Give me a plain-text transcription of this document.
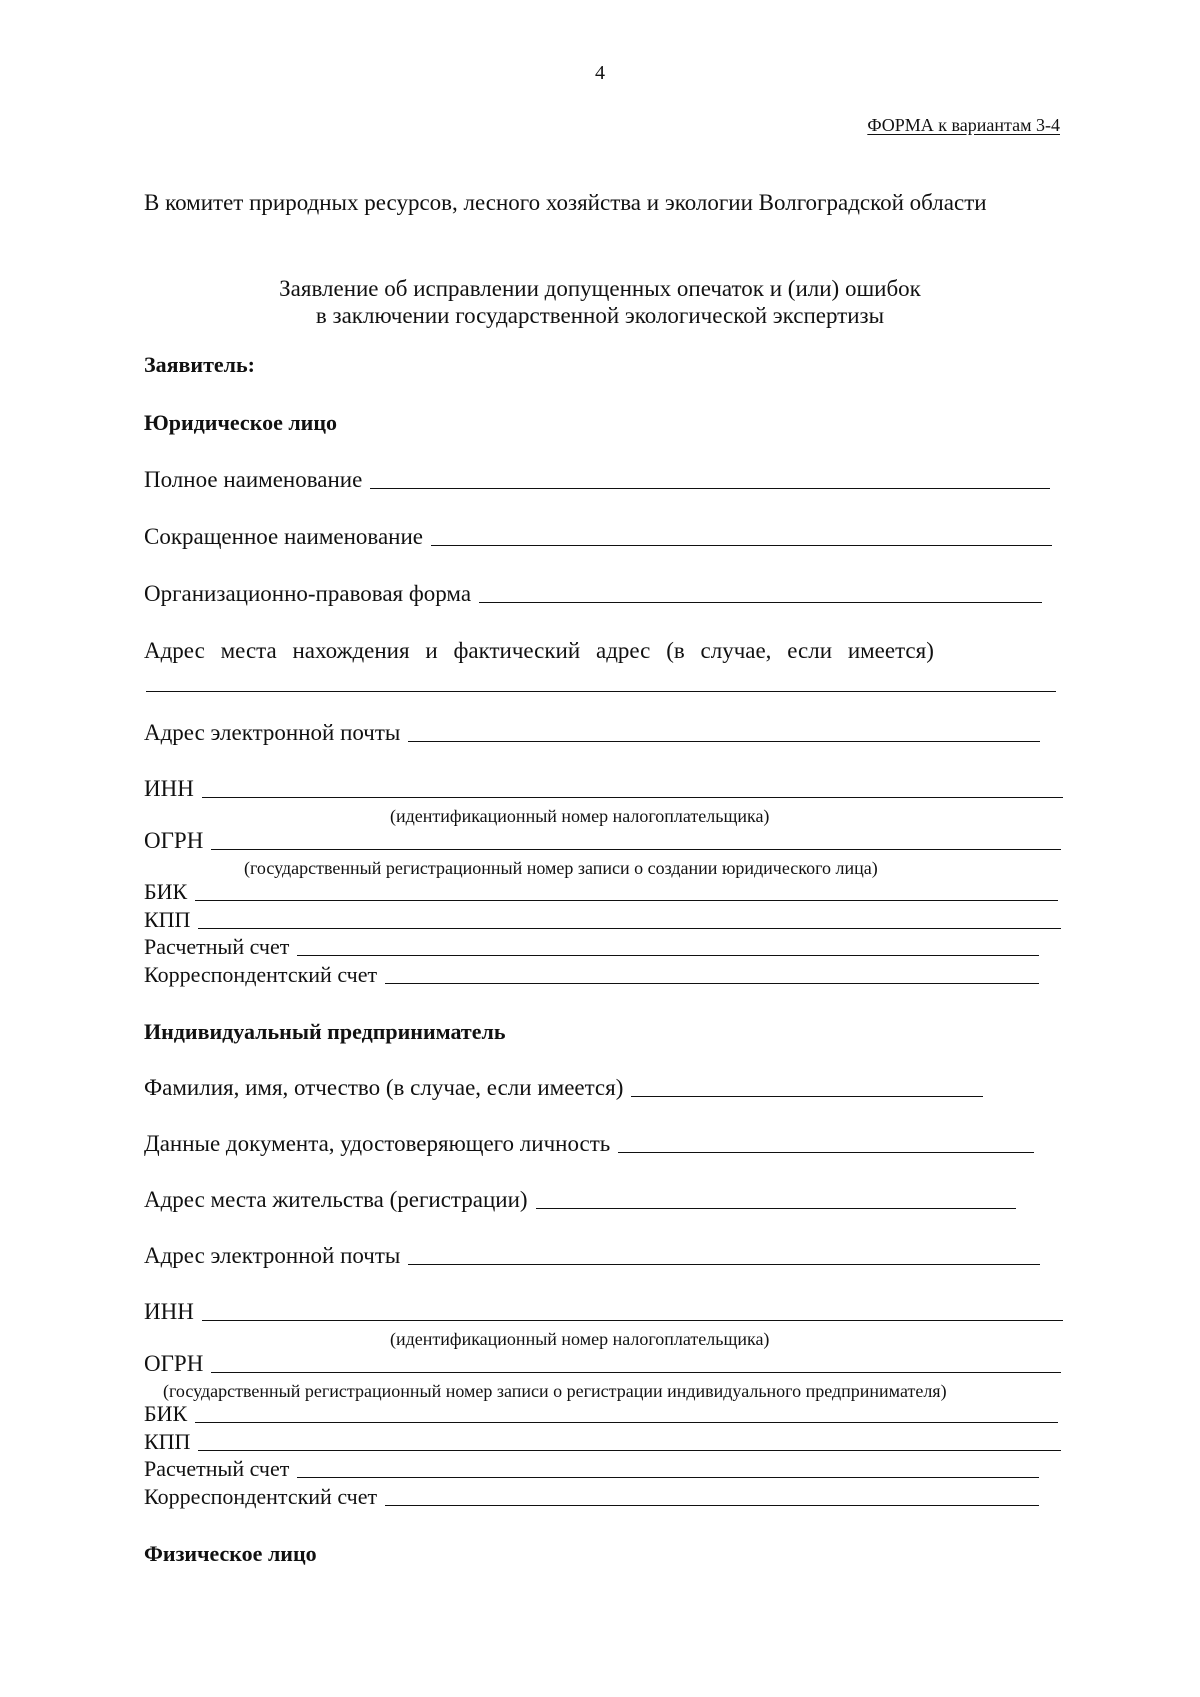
4
ФОРМА к вариантам 3-4
В комитет природных ресурсов, лесного хозяйства и экологии Волгоградской области
Заявление об исправлении допущенных опечаток и (или) ошибок
в заключении государственной экологической экспертизы
Заявитель:
Юридическое лицо
Полное наименование
Сокращенное наименование
Организационно-правовая форма
Адрес места нахождения и фактический адрес (в случае, если имеется)
Адрес электронной почты
ИНН
(идентификационный номер налогоплательщика)
ОГРН
(государственный регистрационный номер записи о создании юридического лица)
БИК
КПП
Расчетный счет
Корреспондентский счет
Индивидуальный предприниматель
Фамилия, имя, отчество (в случае, если имеется)
Данные документа, удостоверяющего личность
Адрес места жительства (регистрации)
Адрес электронной почты
ИНН
(идентификационный номер налогоплательщика)
ОГРН
(государственный регистрационный номер записи о регистрации индивидуального предпринимателя)
БИК
КПП
Расчетный счет
Корреспондентский счет
Физическое лицо
